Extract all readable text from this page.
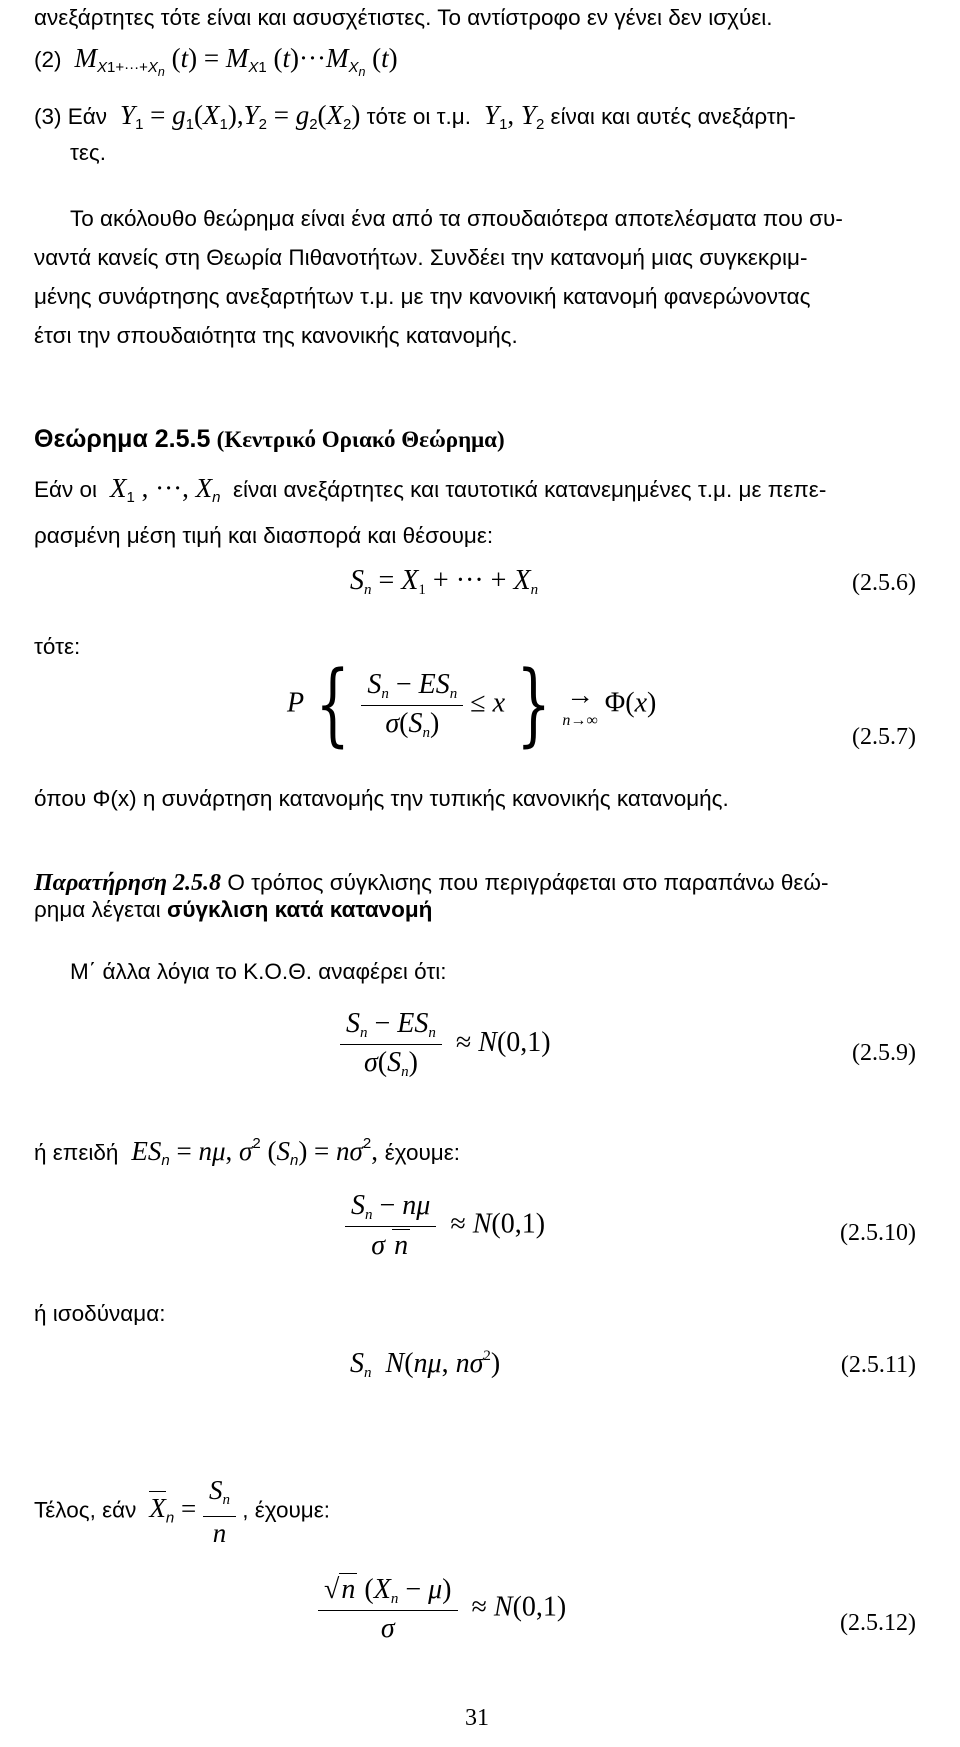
ανεξάρτητες τότε είναι και ασυσχέτιστες. Το αντίστροφο εν γένει δεν ισχύει.
(2)  $M_{X1+\cdot\cdot\cdot+X_n}$ $(t) = M_{X1}$ $(t)\cdot\cdot\cdot M_{X_n}$ (t)
(3) Εάν  $Y_1 = g_1(X_1),Y_2 = g_2(X_2)$ τότε οι τ.μ.  $Y_1$, $Y_2$ είναι και αυτές ανεξάρτη-
τες.
Το ακόλουθο θεώρημα είναι ένα από τα σπουδαιότερα αποτελέσματα που συ-
ναντά κανείς στη Θεωρία Πιθανοτήτων. Συνδέει την κατανομή μιας συγκεκριμ-
μένης συνάρτησης ανεξαρτήτων τ.μ. με την κανονική κατανομή φανερώνοντας
έτσι την σπουδαιότητα της κανονικής κατανομής.
Θεώρημα 2.5.5 (Κεντρικό Οριακό Θεώρημα)
Εάν οι  $X_1$ , ···, $X_n$ είναι ανεξάρτητες και ταυτοτικά κατανεμημένες τ.μ. με πεπε-
ρασμένη μέση τιμή και διασπορά και θέσουμε:
$S_n = X_1$ + ··· + $X_n$	(2.5.6)
τότε:
P { $\frac{S_n - ES_n}{\sigma(S_n)} \le x$ } →
n→∞
Φ(x)
(2.5.7)
όπου Φ(x) η συνάρτηση κατανομής την τυπικής κανονικής κατανομής.
Παρατήρηση 2.5.8 Ο τρόπος σύγκλισης που περιγράφεται στο παραπάνω θεώ-
ρημα λέγεται σύγκλιση κατά κατανομή
Μ΄ άλλα λόγια το Κ.Ο.Θ. αναφέρει ότι:
$\frac{S_n - ES_n}{\sigma(S_n)} \approx N(0,1)$	(2.5.9)
ή επειδή  $ES_n = n\mu$, $\sigma^2$ $(S_n) = n\sigma^2$, έχουμε:
$\frac{S_n - n\mu}{\text{σ n}} \approx N(0,1)$	(2.5.10)
ή ισοδύναμα:
$S_n$ N(nμ, $n\sigma^2$)	(2.5.11)
Τέλος, εάν $X_n = \frac{S_n}{n}$ , έχουμε:
$\frac{√n (X_n - \mu)}{\sigma} \approx N(0,1)$
(2.5.12)
31
